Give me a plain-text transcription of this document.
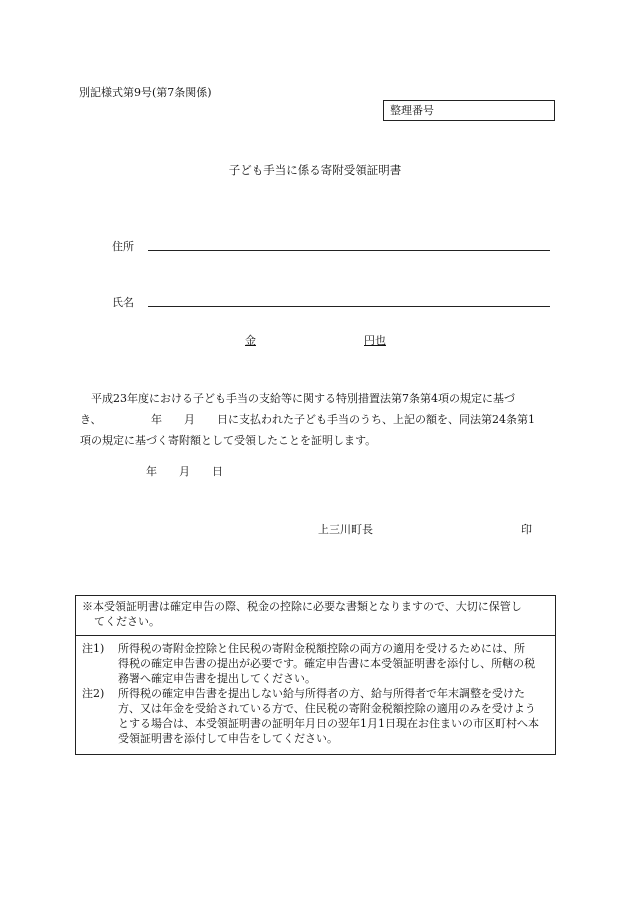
別記様式第9号(第7条関係)
整理番号
子ども手当に係る寄附受領証明書
住所
氏名
金	円也
　平成23年度における子ども手当の支給等に関する特別措置法第7条第4項の規定に基づ
き、　　　　　年　　月　　日に支払われた子ども手当のうち、上記の額を、同法第24条第1
項の規定に基づく寄附額として受領したことを証明します。
年　　月　　日
上三川町長	印
※本受領証明書は確定申告の際、税金の控除に必要な書類となりますので、大切に保管し
てください。
注1)	所得税の寄附金控除と住民税の寄附金税額控除の両方の適用を受けるためには、所
得税の確定申告書の提出が必要です。確定申告書に本受領証明書を添付し、所轄の税
務署へ確定申告書を提出してください。
注2)	所得税の確定申告書を提出しない給与所得者の方、給与所得者で年末調整を受けた
方、又は年金を受給されている方で、住民税の寄附金税額控除の適用のみを受けよう
とする場合は、本受領証明書の証明年月日の翌年1月1日現在お住まいの市区町村へ本
受領証明書を添付して申告をしてください。
